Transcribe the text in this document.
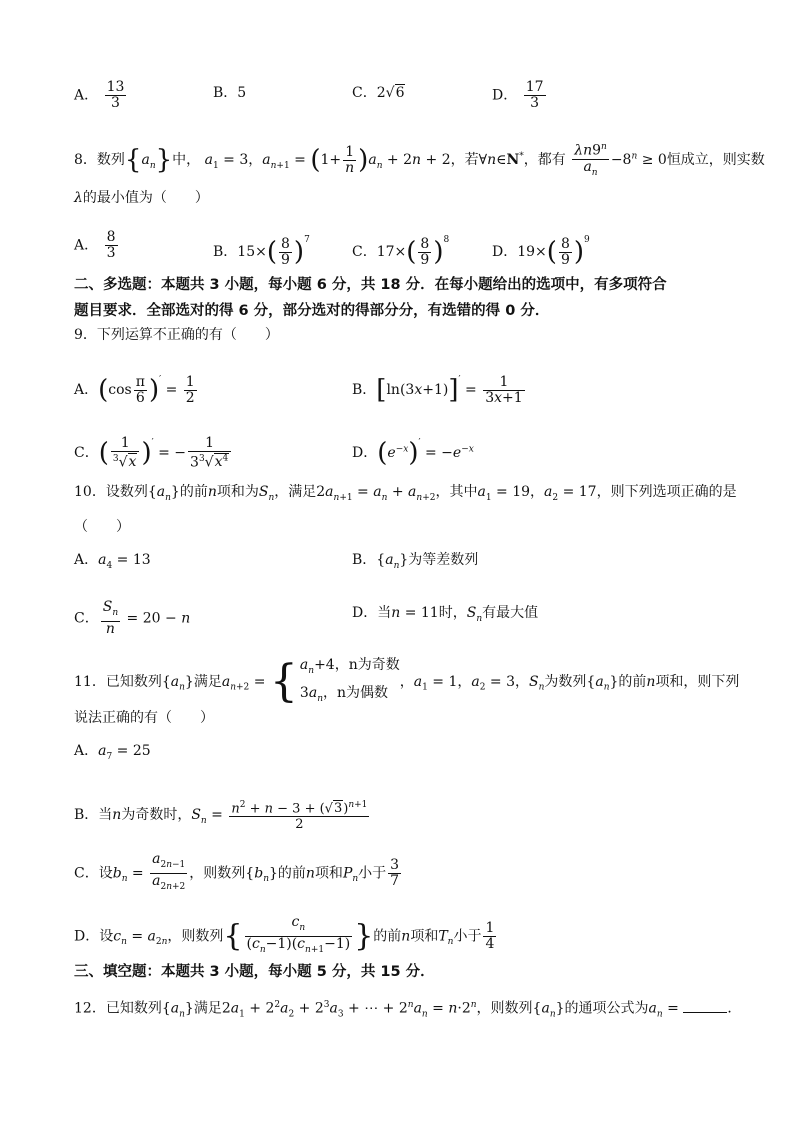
A． $\frac{13}{3}$	B．5	C．2√6	D． $\frac{17}{3}$
8．数列$\{a_n\}$中， $a_1 = 3$，$a_{n+1} = (1+ \frac{1}{n} )a_n + 2n + 2$，若∀n∈N*，都有 $\frac{\lambda n9^n}{a_n} -8^n \ge 0$恒成立，则实数
λ的最小值为（　　）
A． $\frac{8}{3}$	B．$15\times( \frac{8}{9} )^7$
C．$17\times( \frac{8}{9} )^8$
D．$19\times( \frac{8}{9} )^9$
二、多选题：本题共 3 小题，每小题 6 分，共 18 分．在每小题给出的选项中，有多项符合
题目要求．全部选对的得 6 分，部分选对的得部分分，有选错的得 0 分．
9．下列运算不正确的有（　　）
A．$(\cos \frac{\pi}{6} )' = \frac{1}{2}$	B．$[\ln(3x+1)]' = \frac{1}{3x+1}$
C．( $\frac{1}{^3√x} )'$ = − $\frac{1}{3^3√x^4}$	D．$(e^{-x})' = -e^{-x}$
10．设数列$\{a_n\}$的前n项和为$S_n$，满足$2a_{n+1} = a_n + a_{n+2}$，其中$a_1 = 19$，$a_2 = 17$，则下列选项正确的是
（　　）
A．$a_4 = 13$	B．$\{a_n\}$为等差数列
C． $\frac{S_n}{n} = 20 - n$	D．当n = 11时，$S_n$有最大值
11．已知数列$\{a_n\}$满足$a_{n+2}$ = { $a_n+4$，n为奇数
$3a_n$，n为偶数
，$a_1 = 1$，$a_2 = 3$，$S_n$为数列$\{a_n\}$的前n项和，则下列
说法正确的有（　　）
A．$a_7 = 25$
B．当n为奇数时，$S_n = \frac{n^2 + n - 3 + (√3)^{n+1}}{2}$
C．设$b_n = \frac{a_{2n-1}}{a_{2n+2}}$ ，则数列$\{b_n\}$的前n项和$P_n$小于 $\frac{3}{7}$
D．设$c_n = a_{2n}$，则数列{ $\frac{c_n}{(c_n-1)(c_{n+1}-1)}$ }的前n项和$T_n$小于 $\frac{1}{4}$
三、填空题：本题共 3 小题，每小题 5 分，共 15 分．
12．已知数列$\{a_n\}$满足$2a_1 + 2^2a_2 + 2^3a_3$ + ⋯ + $2^na_n = n\cdot 2^n$，则数列$\{a_n\}$的通项公式为$a_n$ =	．
